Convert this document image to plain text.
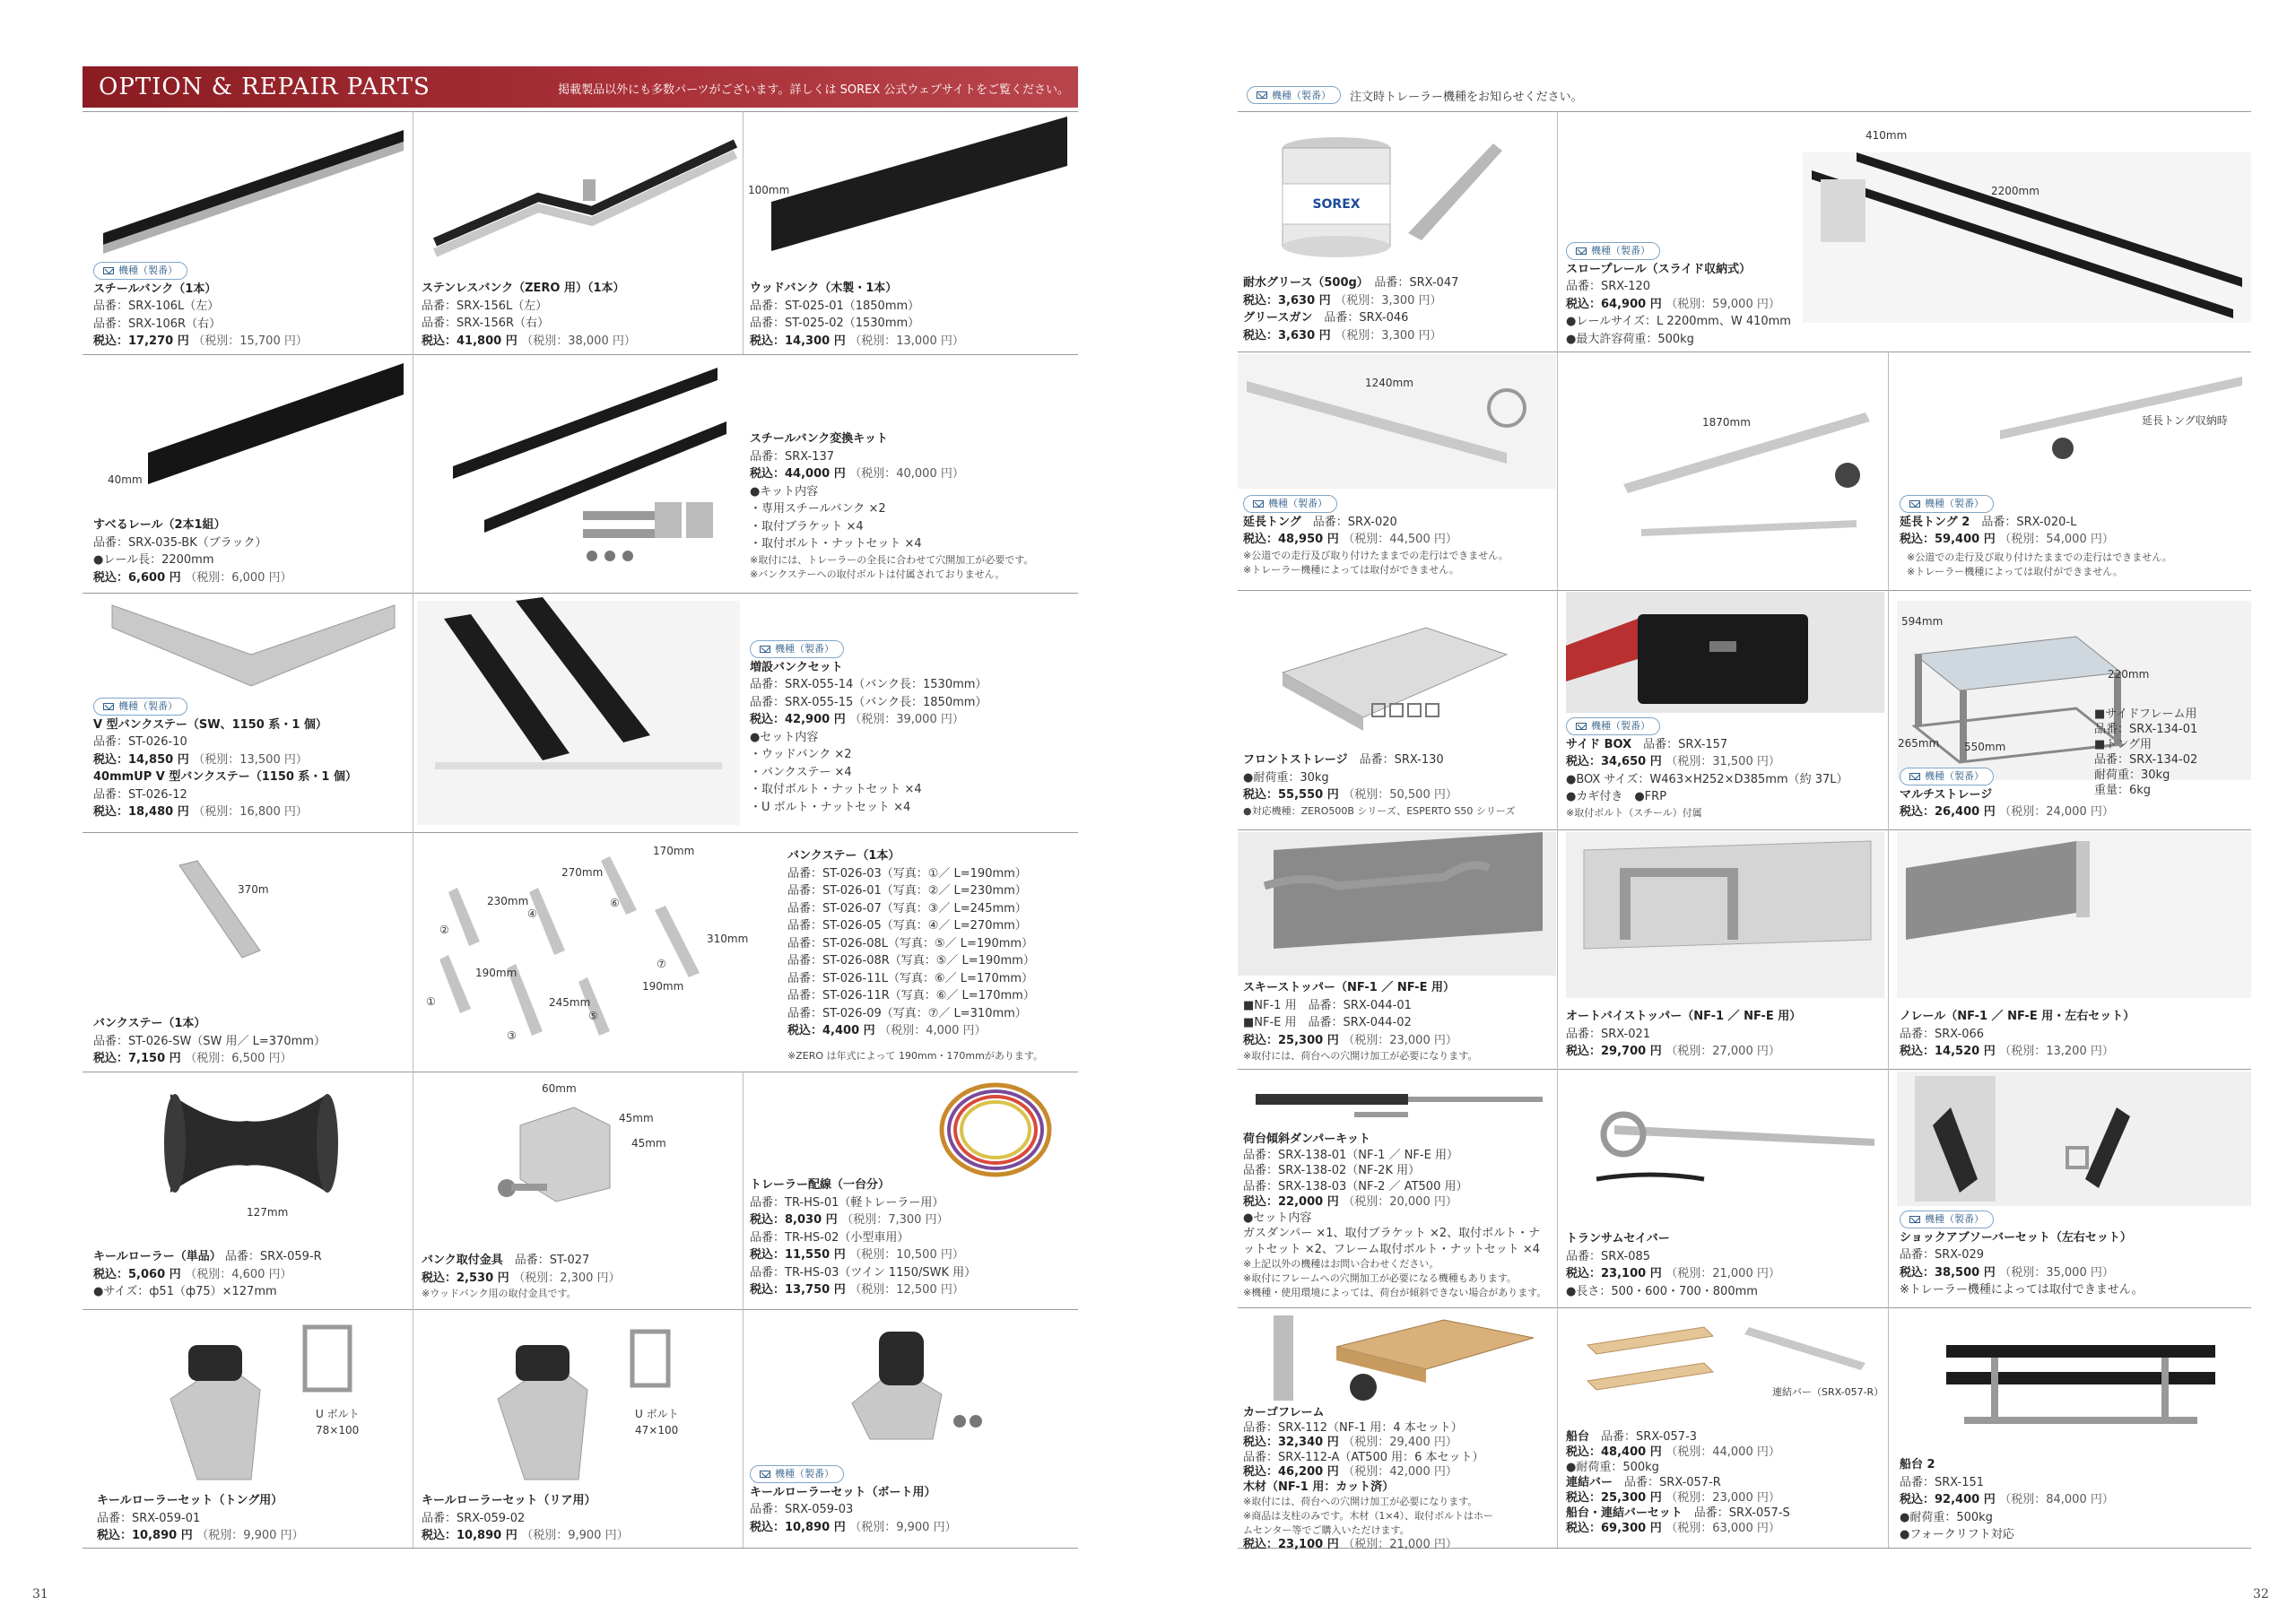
OPTION & REPAIR PARTS	掲載製品以外にも多数パーツがございます。詳しくは SOREX 公式ウェブサイトをご覧ください。
機種（製番）

スチールバンク（1本）

品番：SRX-106L（左）

品番：SRX-106R（右）

税込：17,270 円 （税別：15,700 円）

ステンレスバンク（ZERO 用）（1本）

品番：SRX-156L（左）

品番：SRX-156R（右）

税込：41,800 円 （税別：38,000 円）

100mm

ウッドバンク（木製・1本）

品番：ST-025-01（1850mm）

品番：ST-025-02（1530mm）

税込：14,300 円 （税別：13,000 円）

40mm

すべるレール（2本1組）

品番：SRX-035-BK（ブラック）

●レール長：2200mm

税込：6,600 円 （税別：6,000 円）

スチールバンク変換キット

品番：SRX-137

税込：44,000 円 （税別：40,000 円）

●キット内容

・専用スチールバンク ×2

・取付ブラケット ×4

・取付ボルト・ナットセット ×4

※取付には、トレーラーの全長に合わせて穴開加工が必要です。

※バンクステーへの取付ボルトは付属されておりません。

機種（製番）

V 型バンクステー（SW、1150 系・1 個）

品番：ST-026-10

税込：14,850 円 （税別：13,500 円）

40mmUP V 型バンクステー（1150 系・1 個）

品番：ST-026-12

税込：18,480 円 （税別：16,800 円）

機種（製番）

増設バンクセット

品番：SRX-055-14（バンク長：1530mm）

品番：SRX-055-15（バンク長：1850mm）

税込：42,900 円 （税別：39,000 円）

●セット内容

・ウッドバンク ×2

・バンクステー ×4

・取付ボルト・ナットセット ×4

・U ボルト・ナットセット ×4

370m

バンクステー（1本）

品番：ST-026-SW（SW 用／ L=370mm）

税込：7,150 円 （税別：6,500 円）

170mm
270mm
230mm
310mm
190mm
245mm
190mm
①
②
③
④
⑤
⑥
⑦

バンクステー（1本）

品番：ST-026-03（写真：①／ L=190mm）

品番：ST-026-01（写真：②／ L=230mm）

品番：ST-026-07（写真：③／ L=245mm）

品番：ST-026-05（写真：④／ L=270mm）

品番：ST-026-08L（写真：⑤／ L=190mm）

品番：ST-026-08R（写真：⑤／ L=190mm）

品番：ST-026-11L（写真：⑥／ L=170mm）

品番：ST-026-11R（写真：⑥／ L=170mm）

品番：ST-026-09（写真：⑦／ L=310mm）

税込：4,400 円 （税別：4,000 円）

※ZERO は年式によって 190mm・170mmがあります。
127mm

キールローラー（単品） 品番：SRX-059-R

税込：5,060 円 （税別：4,600 円）

●サイズ：ф51（ф75）×127mm

60mm
45mm
45mm

バンク取付金具　 品番：ST-027

税込：2,530 円 （税別：2,300 円）

※ウッドバンク用の取付金具です。

トレーラー配線（一台分）

品番：TR-HS-01（軽トレーラー用）

税込：8,030 円 （税別：7,300 円）

品番：TR-HS-02（小型車用）

税込：11,550 円 （税別：10,500 円）

品番：TR-HS-03（ツイン 1150/SWK 用）

税込：13,750 円 （税別：12,500 円）

U ボルト
78×100

キールローラーセット（トング用）

品番：SRX-059-01

税込：10,890 円 （税別：9,900 円）

U ボルト
47×100

キールローラーセット（リア用）

品番：SRX-059-02

税込：10,890 円 （税別：9,900 円）

機種（製番）

キールローラーセット（ボート用）

品番：SRX-059-03

税込：10,890 円 （税別：9,900 円）

31
機種（製番） 注文時トレーラー機種をお知らせください。
SOREX

耐水グリース（500g）　 品番：SRX-047

税込：3,630 円 （税別：3,300 円）

グリースガン　 品番：SRX-046

税込：3,630 円 （税別：3,300 円）

410mm
2200mm
機種（製番）

スロープレール（スライド収納式）

品番：SRX-120

税込：64,900 円 （税別：59,000 円）

●レールサイズ：L 2200mm、W 410mm

●最大許容荷重：500kg

1240mm
機種（製番）

延長トング　 品番：SRX-020

税込：48,950 円 （税別：44,500 円）

※公道での走行及び取り付けたままでの走行はできません。

※トレーラー機種によっては取付ができません。

1870mm	延長トング収納時
機種（製番）

延長トング 2　 品番：SRX-020-L

税込：59,400 円 （税別：54,000 円）

※公道での走行及び取り付けたままでの走行はできません。

※トレーラー機種によっては取付ができません。

フロントストレージ　 品番：SRX-130

●耐荷重：30kg

税込：55,550 円 （税別：50,500 円）

●対応機種：ZERO500B シリーズ、ESPERTO S50 シリーズ

機種（製番）

サイド BOX　 品番：SRX-157

税込：34,650 円 （税別：31,500 円）

●BOX サイズ：W463×H252×D385mm（約 37L）

●カギ付き　●FRP

※取付ボルト（スチール）付属

594mm
220mm
265mm 550mm

■サイドフレーム用

品番：SRX-134-01

■トング用

品番：SRX-134-02

耐荷重：30kg

重量：6kg

機種（製番）

マルチストレージ

税込：26,400 円 （税別：24,000 円）

スキーストッパー（NF-1 ／ NF-E 用）

■NF-1 用　品番：SRX-044-01

■NF-E 用　品番：SRX-044-02

税込：25,300 円 （税別：23,000 円）

※取付には、荷台への穴開け加工が必要になります。

オートバイストッパー（NF-1 ／ NF-E 用）

品番：SRX-021

税込：29,700 円 （税別：27,000 円）

ノレール（NF-1 ／ NF-E 用・左右セット）

品番：SRX-066

税込：14,520 円 （税別：13,200 円）

荷台傾斜ダンパーキット

品番：SRX-138-01（NF-1 ／ NF-E 用）

品番：SRX-138-02（NF-2K 用）

品番：SRX-138-03（NF-2 ／ AT500 用）

税込：22,000 円 （税別：20,000 円）

●セット内容

ガスダンパー ×1、取付ブラケット ×2、取付ボルト・ナ

ットセット ×2、フレーム取付ボルト・ナットセット ×4

※上記以外の機種はお問い合わせください。

※取付にフレームへの穴開加工が必要になる機種もあります。

※機種・使用環境によっては、荷台が傾斜できない場合があります。

トランサムセイバー

品番：SRX-085

税込：23,100 円 （税別：21,000 円）

●長さ：500・600・700・800mm

機種（製番）

ショックアブソーバーセット（左右セット）

品番：SRX-029

税込：38,500 円 （税別：35,000 円）

※トレーラー機種によっては取付できません。

カーゴフレーム

品番：SRX-112（NF-1 用：4 本セット）

税込：32,340 円 （税別：29,400 円）

品番：SRX-112-A（AT500 用：6 本セット）

税込：46,200 円 （税別：42,000 円）

木材（NF-1 用：カット済）

※取付には、荷台への穴開け加工が必要になります。

※商品は支柱のみです。木材（1×4）、取付ボルトはホー

ムセンター等でご購入いただけます。

税込：23,100 円 （税別：21,000 円）

連結バー（SRX-057-R）

船台　 品番：SRX-057-3

税込：48,400 円 （税別：44,000 円）

●耐荷重：500kg

連結バー　 品番：SRX-057-R

税込：25,300 円 （税別：23,000 円）

船台・連結バーセット　 品番：SRX-057-S

税込：69,300 円 （税別：63,000 円）

船台 2

品番：SRX-151

税込：92,400 円 （税別：84,000 円）

●耐荷重：500kg

●フォークリフト対応

32
